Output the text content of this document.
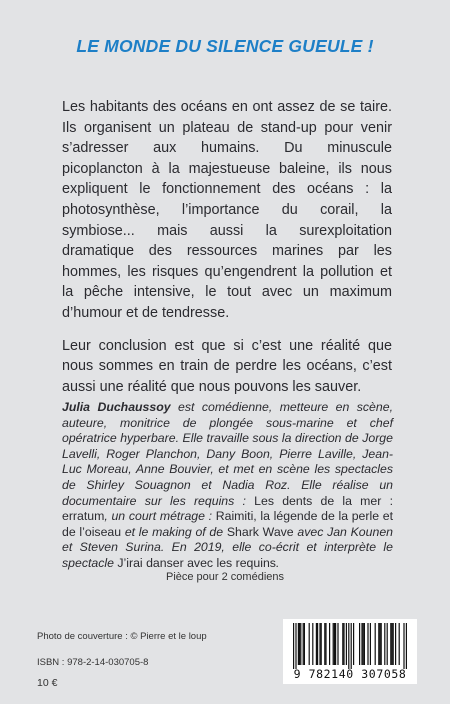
LE MONDE DU SILENCE GUEULE !

Les habitants des océans en ont assez de se taire. Ils organisent un plateau de stand-up pour venir s’adresser aux humains. Du minuscule picoplancton à la majestueuse baleine, ils nous expliquent le fonctionnement des océans : la photosynthèse, l’importance du corail, la symbiose... mais aussi la surexploitation dramatique des ressources marines par les hommes, les risques qu’engendrent la pollution et la pêche intensive, le tout avec un maximum d’humour et de tendresse.

Leur conclusion est que si c’est une réalité que nous sommes en train de perdre les océans, c’est aussi une réalité que nous pouvons les sauver.

Julia Duchaussoy est comédienne, metteure en scène, auteure, monitrice de plongée sous-marine et chef opératrice hyperbare. Elle travaille sous la direction de Jorge Lavelli, Roger Planchon, Dany Boon, Pierre Laville, Jean-Luc Moreau, Anne Bouvier, et met en scène les spectacles de Shirley Souagnon et Nadia Roz. Elle réalise un documentaire sur les requins : Les dents de la mer : erratum, un court métrage : Raimiti, la légende de la perle et de l’oiseau et le making of de Shark Wave avec Jan Kounen et Steven Surina. En 2019, elle co-écrit et interprète le spectacle J’irai danser avec les requins.
Pièce pour 2 comédiens
Photo de couverture : © Pierre et le loup
ISBN : 978-2-14-030705-8
10 €
9 782140 307058
